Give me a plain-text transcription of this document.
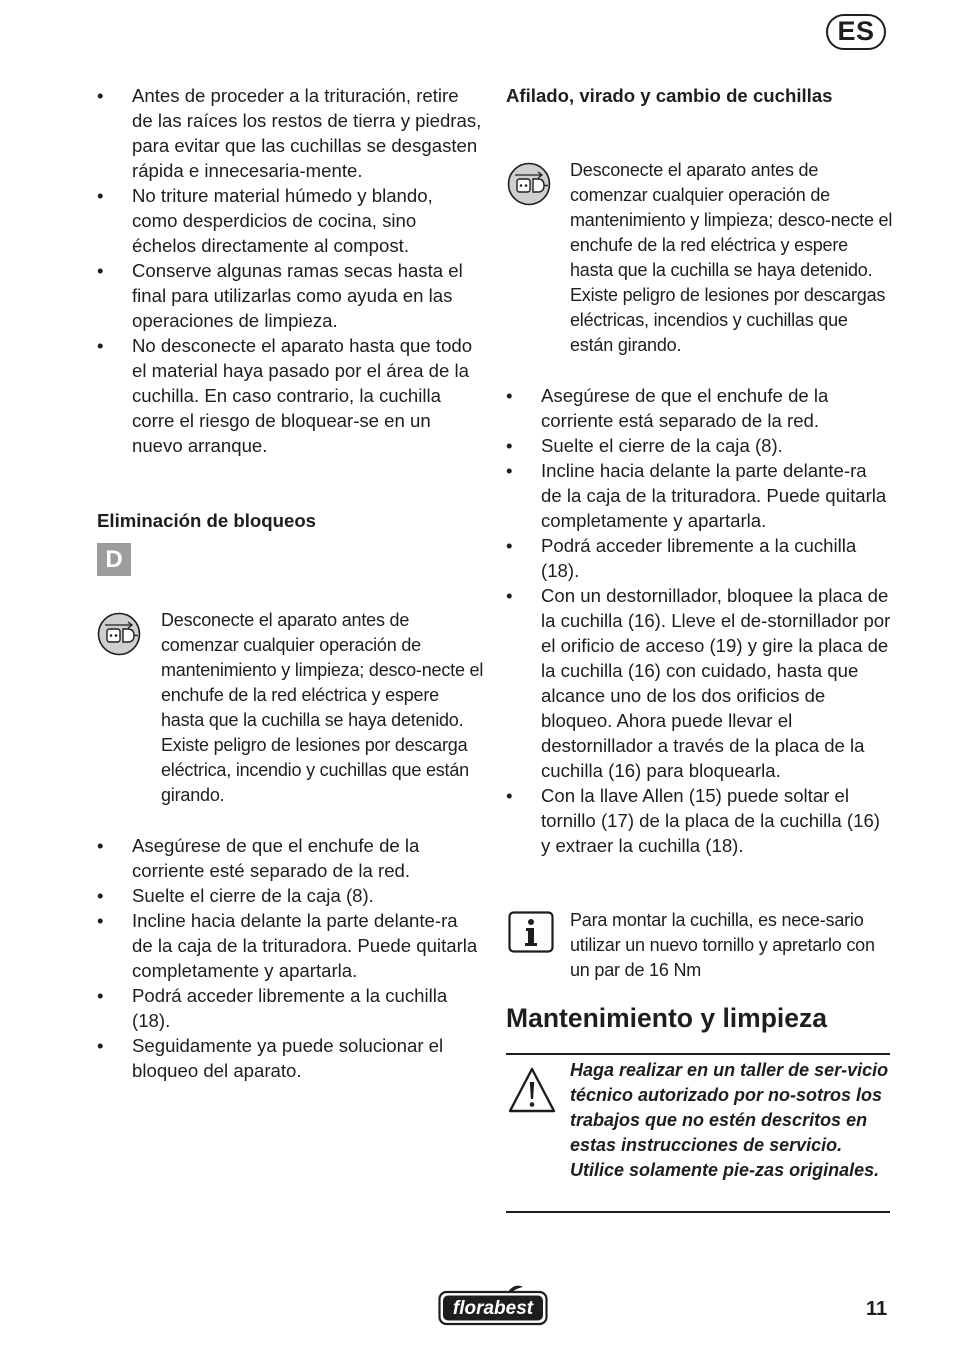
ES
• Antes de proceder a la trituración, retire de las raíces los restos de tierra y piedras, para evitar que las cuchillas se desgasten rápida e innecesaria-mente.
• No triture material húmedo y blando, como desperdicios de cocina, sino échelos directamente al compost.
• Conserve algunas ramas secas hasta el final para utilizarlas como ayuda en las operaciones de limpieza.
• No desconecte el aparato hasta que todo el material haya pasado por el área de la cuchilla. En caso contrario, la cuchilla corre el riesgo de bloquear-se en un nuevo arranque.
Eliminación de bloqueos
D
Desconecte el aparato antes de comenzar cualquier operación de mantenimiento y limpieza; desco-necte el enchufe de la red eléctrica y espere hasta que la cuchilla se haya detenido. Existe peligro de lesiones por descarga eléctrica, incendio y cuchillas que están girando.
• Asegúrese de que el enchufe de la corriente esté separado de la red.
• Suelte el cierre de la caja (8).
• Incline hacia delante la parte delante-ra de la caja de la trituradora. Puede quitarla completamente y apartarla.
• Podrá acceder libremente a la cuchilla (18).
• Seguidamente ya puede solucionar el bloqueo del aparato.
Afilado, virado y cambio de cuchillas
Desconecte el aparato antes de comenzar cualquier operación de mantenimiento y limpieza; desco-necte el enchufe de la red eléctrica y espere hasta que la cuchilla se haya detenido. Existe peligro de lesiones por descargas eléctricas, incendios y cuchillas que están girando.
• Asegúrese de que el enchufe de la corriente está separado de la red.
• Suelte el cierre de la caja (8).
• Incline hacia delante la parte delante-ra de la caja de la trituradora. Puede quitarla completamente y apartarla.
• Podrá acceder libremente a la cuchilla (18).
• Con un destornillador, bloquee la placa de la cuchilla (16). Lleve el de-stornillador por el orificio de acceso (19) y gire la placa de la cuchilla (16) con cuidado, hasta que alcance uno de los dos orificios de bloqueo. Ahora puede llevar el destornillador a través de la placa de la cuchilla (16) para bloquearla.
• Con la llave Allen (15) puede soltar el tornillo (17) de la placa de la cuchilla (16) y extraer la cuchilla (18).
Para montar la cuchilla, es nece-sario utilizar un nuevo tornillo y apretarlo con un par de 16 Nm
Mantenimiento y limpieza
Haga realizar en un taller de ser-vicio técnico autorizado por no-sotros los trabajos que no estén descritos en estas instrucciones de servicio. Utilice solamente pie-zas originales.
florabest	11
